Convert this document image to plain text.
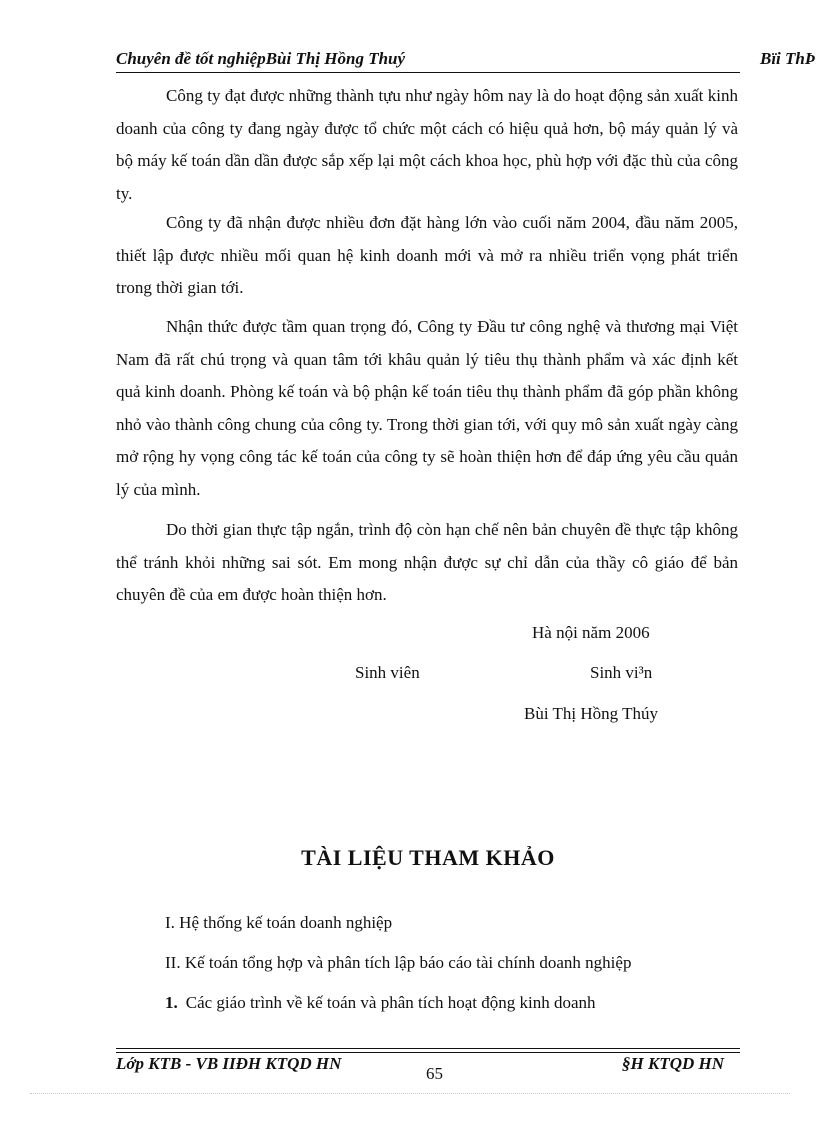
Chuyên đề tốt nghiệpBùi Thị Hồng Thuý	Bïi ThÞ

Công ty đạt được những thành tựu như ngày hôm nay là do hoạt động sản xuất kinh doanh của công ty đang ngày được tổ chức một cách có hiệu quả hơn, bộ máy quản lý và bộ máy kế toán dần dần được sắp xếp lại một cách khoa học, phù hợp với đặc thù của công ty.

Công ty đã nhận được nhiều đơn đặt hàng lớn vào cuối năm 2004, đầu năm 2005, thiết lập được nhiều mối quan hệ kinh doanh mới và mở ra nhiều triển vọng phát triển trong thời gian tới.

Nhận thức được tầm quan trọng đó, Công ty Đầu tư công nghệ và thương mại Việt Nam đã rất chú trọng và quan tâm tới khâu quản lý tiêu thụ thành phẩm và xác định kết quả kinh doanh. Phòng kế toán và bộ phận kế toán tiêu thụ thành phẩm đã góp phần không nhỏ vào thành công chung của công ty. Trong thời gian tới, với quy mô sản xuất ngày càng mở rộng hy vọng công tác kế toán của công ty sẽ hoàn thiện hơn để đáp ứng yêu cầu quản lý của mình.

Do thời gian thực tập ngắn, trình độ còn hạn chế nên bản chuyên đề thực tập không thể tránh khỏi những sai sót. Em mong nhận được sự chỉ dẫn của thầy cô giáo để bản chuyên đề của em được hoàn thiện hơn.

Hà nội năm 2006
Sinh viên	Sinh vi³n
Bùi Thị Hồng Thúy
TÀI LIỆU THAM KHẢO
I. Hệ thống kế toán doanh nghiệp
II. Kế toán tổng hợp và phân tích lập báo cáo tài chính doanh nghiệp
1. Các giáo trình về kế toán và phân tích hoạt động kinh doanh
Lớp KTB - VB IIĐH KTQD HN
65
§H KTQD HN
